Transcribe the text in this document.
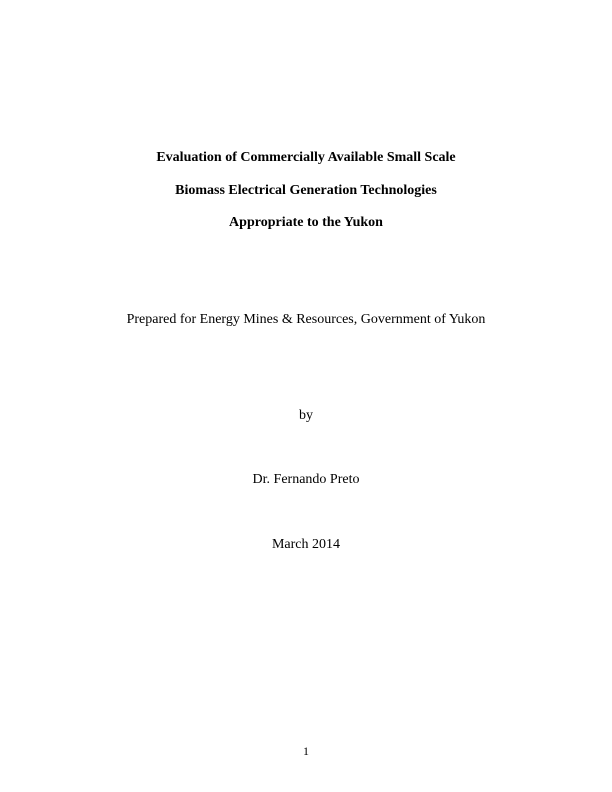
Evaluation of Commercially Available Small Scale
Biomass Electrical Generation Technologies
Appropriate to the Yukon
Prepared for Energy Mines & Resources, Government of Yukon
by
Dr. Fernando Preto
March 2014
1
